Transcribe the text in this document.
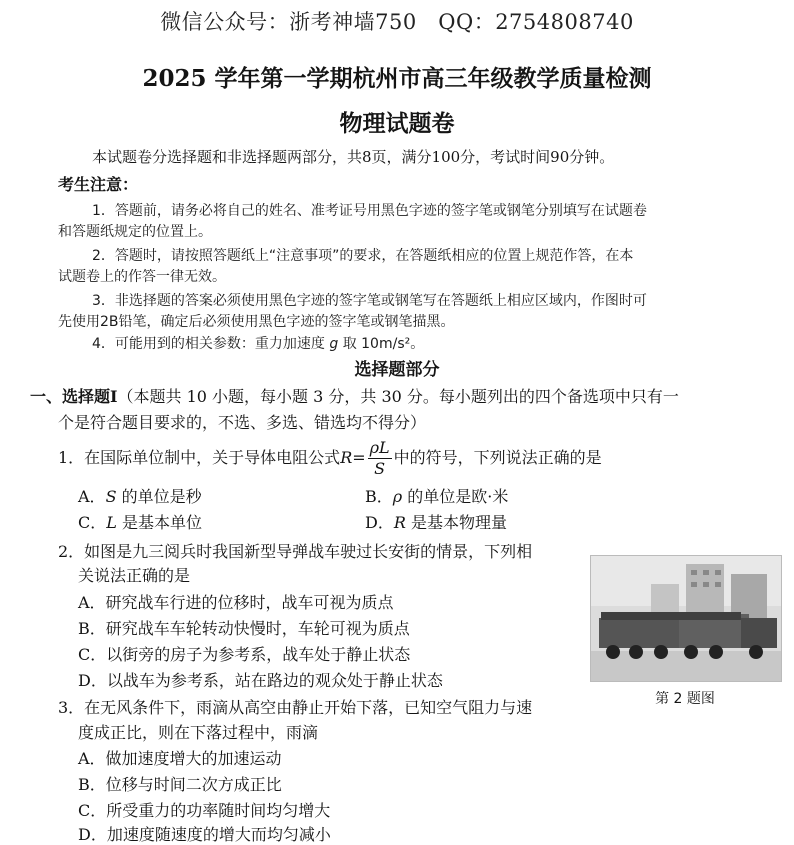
微信公众号：浙考神墙750　QQ：2754808740
2025 学年第一学期杭州市高三年级教学质量检测
物理试题卷
本试题卷分选择题和非选择题两部分，共8页，满分100分，考试时间90分钟。
考生注意：
1．答题前，请务必将自己的姓名、准考证号用黑色字迹的签字笔或钢笔分别填写在试题卷
和答题纸规定的位置上。
2．答题时，请按照答题纸上“注意事项”的要求，在答题纸相应的位置上规范作答，在本
试题卷上的作答一律无效。
3．非选择题的答案必须使用黑色字迹的签字笔或钢笔写在答题纸上相应区域内，作图时可
先使用2B铅笔，确定后必须使用黑色字迹的签字笔或钢笔描黑。
4．可能用到的相关参数：重力加速度 g 取 10m/s²。
选择题部分
一、选择题Ⅰ（本题共 10 小题，每小题 3 分，共 30 分。每小题列出的四个备选项中只有一
个是符合题目要求的，不选、多选、错选均不得分）
1．在国际单位制中，关于导体电阻公式$R= \frac{\rho L}{S}$ 中的符号，下列说法正确的是
A．S 的单位是秒	B．ρ 的单位是欧·米
C．L 是基本单位	D．R 是基本物理量
2．如图是九三阅兵时我国新型导弹战车驶过长安街的情景，下列相
关说法正确的是
A．研究战车行进的位移时，战车可视为质点
B．研究战车车轮转动快慢时，车轮可视为质点
C．以街旁的房子为参考系，战车处于静止状态
D．以战车为参考系，站在路边的观众处于静止状态
第 2 题图
3．在无风条件下，雨滴从高空由静止开始下落，已知空气阻力与速
度成正比，则在下落过程中，雨滴
A．做加速度增大的加速运动
B．位移与时间二次方成正比
C．所受重力的功率随时间均匀增大
D．加速度随速度的增大而均匀减小
